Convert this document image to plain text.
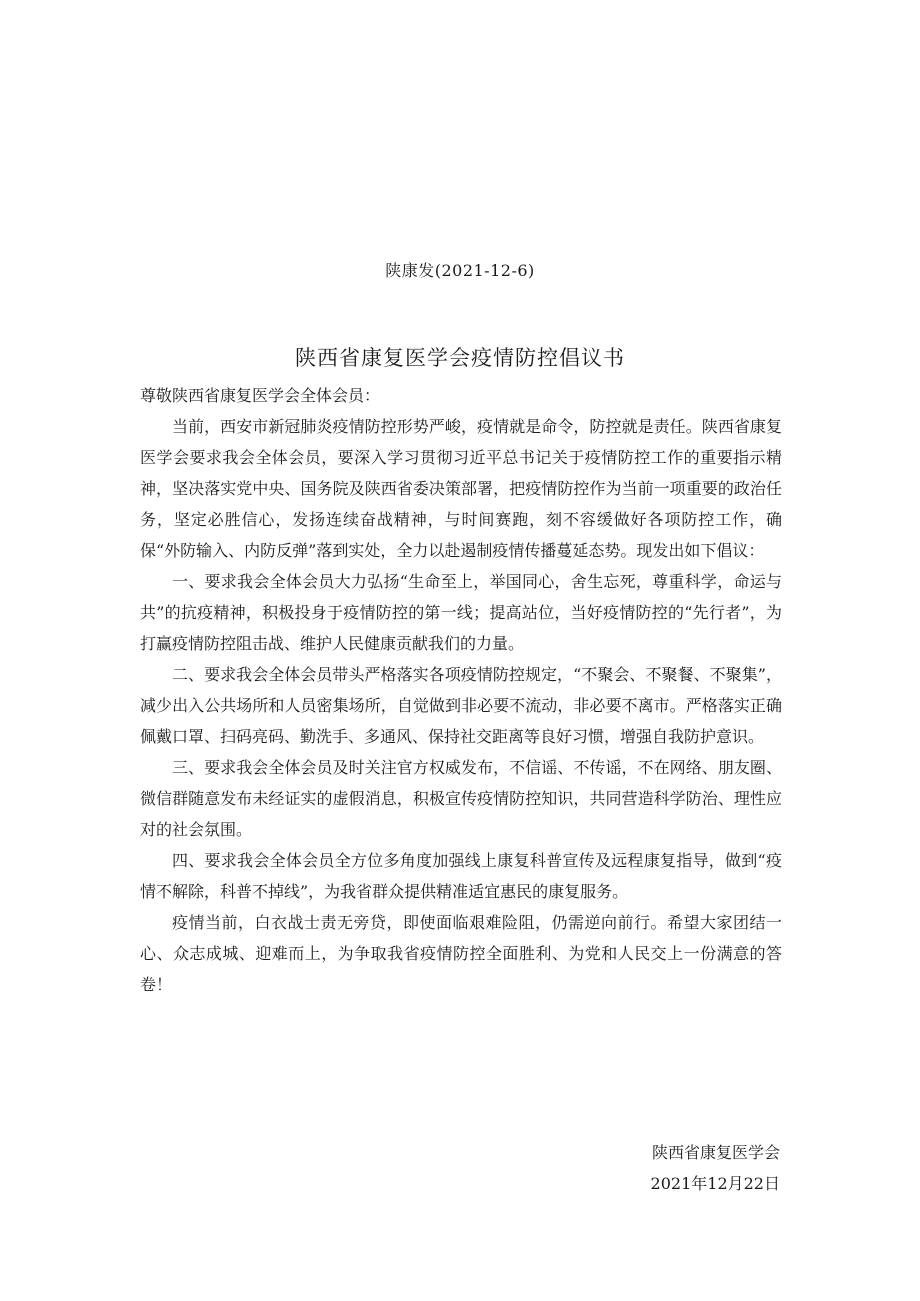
陕康发(2021-12-6)
陕西省康复医学会疫情防控倡议书

尊敬陕西省康复医学会全体会员：

当前，西安市新冠肺炎疫情防控形势严峻，疫情就是命令，防控就是责任。陕西省康复医学会要求我会全体会员，要深入学习贯彻习近平总书记关于疫情防控工作的重要指示精神，坚决落实党中央、国务院及陕西省委决策部署，把疫情防控作为当前一项重要的政治任务，坚定必胜信心，发扬连续奋战精神，与时间赛跑，刻不容缓做好各项防控工作，确保“外防输入、内防反弹”落到实处，全力以赴遏制疫情传播蔓延态势。现发出如下倡议：

一、要求我会全体会员大力弘扬“生命至上，举国同心，舍生忘死，尊重科学，命运与共”的抗疫精神，积极投身于疫情防控的第一线；提高站位，当好疫情防控的“先行者”，为打赢疫情防控阻击战、维护人民健康贡献我们的力量。

二、要求我会全体会员带头严格落实各项疫情防控规定，“不聚会、不聚餐、不聚集”，减少出入公共场所和人员密集场所，自觉做到非必要不流动，非必要不离市。严格落实正确佩戴口罩、扫码亮码、勤洗手、多通风、保持社交距离等良好习惯，增强自我防护意识。

三、要求我会全体会员及时关注官方权威发布，不信谣、不传谣，不在网络、朋友圈、微信群随意发布未经证实的虚假消息，积极宣传疫情防控知识，共同营造科学防治、理性应对的社会氛围。

四、要求我会全体会员全方位多角度加强线上康复科普宣传及远程康复指导，做到“疫情不解除，科普不掉线”，为我省群众提供精准适宜惠民的康复服务。

疫情当前，白衣战士责无旁贷，即使面临艰难险阻，仍需逆向前行。希望大家团结一心、众志成城、迎难而上，为争取我省疫情防控全面胜利、为党和人民交上一份满意的答卷！

陕西省康复医学会
2021年12月22日
